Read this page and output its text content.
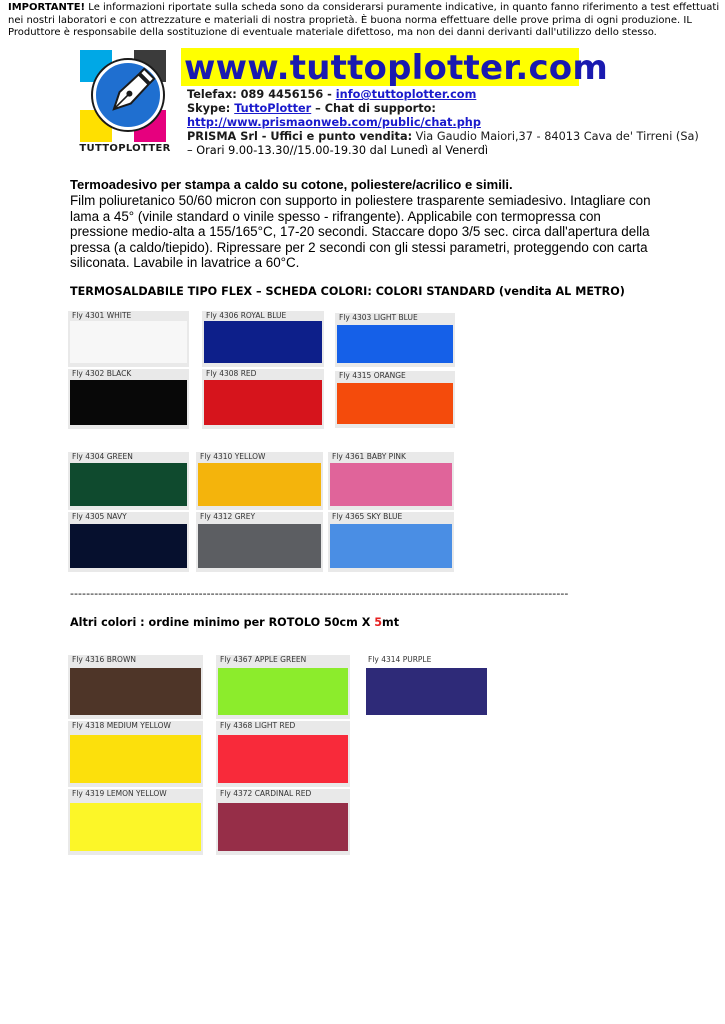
IMPORTANTE! Le informazioni riportate sulla scheda sono da considerarsi puramente indicative, in quanto fanno riferimento a test effettuati nei nostri laboratori e con attrezzature e materiali di nostra proprietà. È buona norma effettuare delle prove prima di ogni produzione. IL Produttore è responsabile della sostituzione di eventuale materiale difettoso, ma non dei danni derivanti dall'utilizzo dello stesso.
TUTTOPLOTTER
www.tuttoplotter.com
Telefax: 089 4456156 - info@tuttoplotter.com
Skype: TuttoPlotter – Chat di supporto:
http://www.prismaonweb.com/public/chat.php
PRISMA Srl - Uffici e punto vendita: Via Gaudio Maiori,37 - 84013 Cava de' Tirreni (Sa)
– Orari 9.00-13.30//15.00-19.30 dal Lunedì al Venerdì
Termoadesivo per stampa a caldo su cotone, poliestere/acrilico e simili.
Film poliuretanico 50/60 micron con supporto in poliestere trasparente semiadesivo. Intagliare con lama a 45° (vinile standard o vinile spesso - rifrangente). Applicabile con termopressa con pressione medio-alta a 155/165°C, 17-20 secondi. Staccare dopo 3/5 sec. circa dall'apertura della pressa (a caldo/tiepido). Ripressare per 2 secondi con gli stessi parametri, proteggendo con carta siliconata. Lavabile in lavatrice a 60°C.
TERMOSALDABILE TIPO FLEX – SCHEDA COLORI: COLORI STANDARD (vendita AL METRO)
Fly 4301 WHITE	Fly 4306 ROYAL BLUE	Fly 4303 LIGHT BLUE
Fly 4302 BLACK	Fly 4308 RED	Fly 4315 ORANGE
Fly 4304 GREEN	Fly 4310 YELLOW	Fly 4361 BABY PINK
Fly 4305 NAVY	Fly 4312 GREY	Fly 4365 SKY BLUE
----------------------------------------------------------------------------------------------------------------------------
Altri colori : ordine minimo per ROTOLO 50cm X 5mt
Fly 4316 BROWN	Fly 4367 APPLE GREEN	Fly 4314 PURPLE
Fly 4318 MEDIUM YELLOW	Fly 4368 LIGHT RED
Fly 4319 LEMON YELLOW	Fly 4372 CARDINAL RED
